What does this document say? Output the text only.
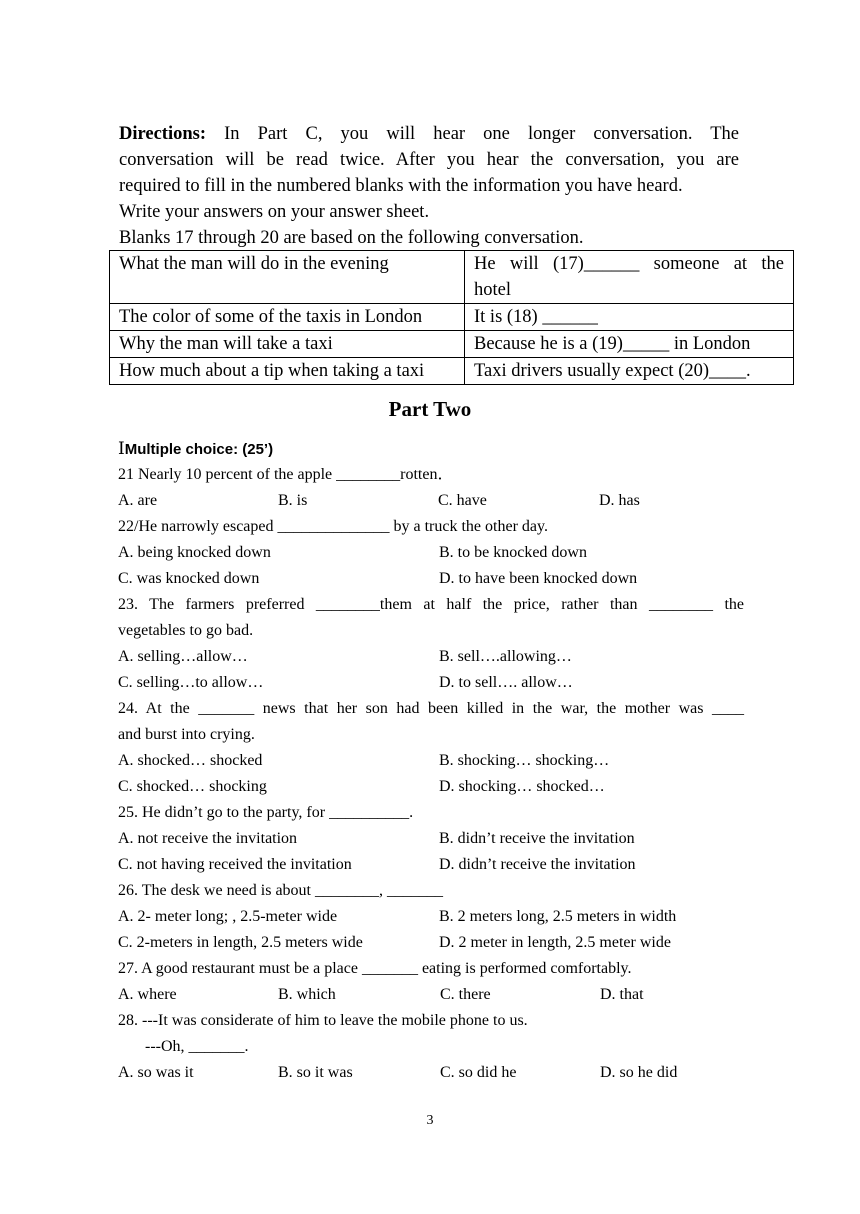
Directions: In Part C, you will hear one longer conversation. The
conversation will be read twice. After you hear the conversation, you are
required to fill in the numbered blanks with the information you have heard.
Write your answers on your answer sheet.
Blanks 17 through 20 are based on the following conversation.
What the man will do in the evening	He will (17)______ someone at the
hotel

The color of some of the taxis in London	It is (18) ______
Why the man will take a taxi	Because he is a (19)_____ in London
How much about a tip when taking a taxi	Taxi drivers usually expect (20)____.
Part Two
ⅠMultiple choice: (25’)
21 Nearly 10 percent of the apple ________rotten．
A. are	B. is	C. have	D. has
22/He narrowly escaped ______________ by a truck the other day.
A. being knocked down	B. to be knocked down
C. was knocked down	D. to have been knocked down
23. The farmers preferred ________them at half the price, rather than ________ the
vegetables to go bad.
A. selling…allow…	B. sell….allowing…
C. selling…to allow…	D. to sell…. allow…
24. At the _______ news that her son had been killed in the war, the mother was ____
and burst into crying.
A. shocked… shocked	B. shocking… shocking…
C. shocked… shocking	D. shocking… shocked…
25. He didn’t go to the party, for __________.
A. not receive the invitation	B. didn’t receive the invitation
C. not having received the invitation	D. didn’t receive the invitation
26. The desk we need is about ________, _______
A. 2- meter long; , 2.5-meter wide	B. 2 meters long, 2.5 meters in width
C. 2-meters in length, 2.5 meters wide	D. 2 meter in length, 2.5 meter wide
27. A good restaurant must be a place _______ eating is performed comfortably.
A. where	B. which	C. there	D. that
28. ---It was considerate of him to leave the mobile phone to us.
---Oh, _______.
A. so was it	B. so it was	C. so did he	D. so he did
3
